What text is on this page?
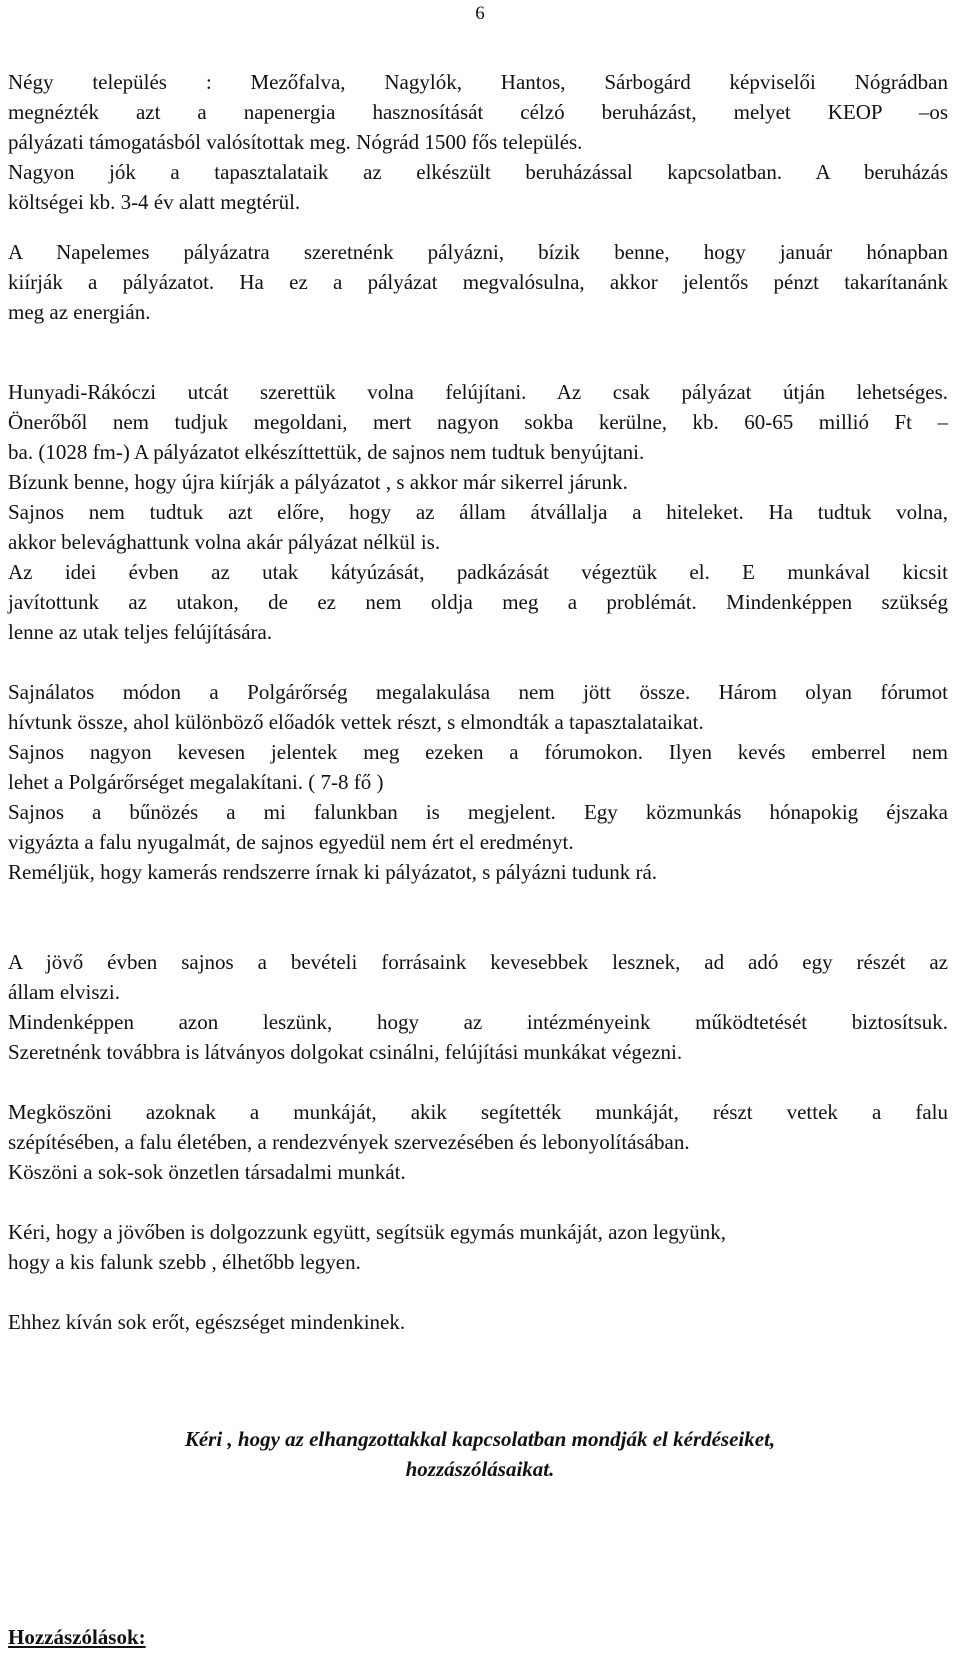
6
Négy település : Mezőfalva, Nagylók, Hantos, Sárbogárd képviselői Nógrádban
megnézték azt a napenergia hasznosítását célzó beruházást, melyet KEOP –os
pályázati támogatásból valósítottak meg. Nógrád 1500 fős település.
Nagyon jók a tapasztalataik az elkészült beruházással kapcsolatban. A beruházás
költségei kb. 3-4 év alatt megtérül.
A Napelemes pályázatra szeretnénk pályázni, bízik benne, hogy január hónapban
kiírják a pályázatot. Ha ez a pályázat megvalósulna, akkor jelentős pénzt takarítanánk
meg az energián.
Hunyadi-Rákóczi utcát szerettük volna felújítani. Az csak pályázat útján lehetséges.
Önerőből nem tudjuk megoldani, mert nagyon sokba kerülne, kb. 60-65 millió Ft –
ba. (1028 fm-) A pályázatot elkészíttettük, de sajnos nem tudtuk benyújtani.
Bízunk benne, hogy újra kiírják a pályázatot , s akkor már sikerrel járunk.
Sajnos nem tudtuk azt előre, hogy az állam átvállalja a hiteleket. Ha tudtuk volna,
akkor belevághattunk volna akár pályázat nélkül is.
Az idei évben az utak kátyúzását, padkázását végeztük el. E munkával kicsit
javítottunk az utakon, de ez nem oldja meg a problémát. Mindenképpen szükség
lenne az utak teljes felújítására.
Sajnálatos módon a Polgárőrség megalakulása nem jött össze. Három olyan fórumot
hívtunk össze, ahol különböző előadók vettek részt, s elmondták a tapasztalataikat.
Sajnos nagyon kevesen jelentek meg ezeken a fórumokon. Ilyen kevés emberrel nem
lehet a Polgárőrséget megalakítani. ( 7-8 fő )
Sajnos a bűnözés a mi falunkban is megjelent. Egy közmunkás hónapokig éjszaka
vigyázta a falu nyugalmát, de sajnos egyedül nem ért el eredményt.
Reméljük, hogy kamerás rendszerre írnak ki pályázatot, s pályázni tudunk rá.
A jövő évben sajnos a bevételi forrásaink kevesebbek lesznek, ad adó egy részét az
állam elviszi.
Mindenképpen azon leszünk, hogy az intézményeink működtetését biztosítsuk.
Szeretnénk továbbra is látványos dolgokat csinálni, felújítási munkákat végezni.
Megköszöni azoknak a munkáját, akik segítették munkáját, részt vettek a falu
szépítésében, a falu életében, a rendezvények szervezésében és lebonyolításában.
Köszöni a sok-sok önzetlen társadalmi munkát.
Kéri, hogy a jövőben is dolgozzunk együtt, segítsük egymás munkáját, azon legyünk,
hogy a kis falunk szebb , élhetőbb legyen.
Ehhez kíván sok erőt, egészséget mindenkinek.
Kéri , hogy az elhangzottakkal kapcsolatban mondják el kérdéseiket,
hozzászólásaikat.
Hozzászólások:
